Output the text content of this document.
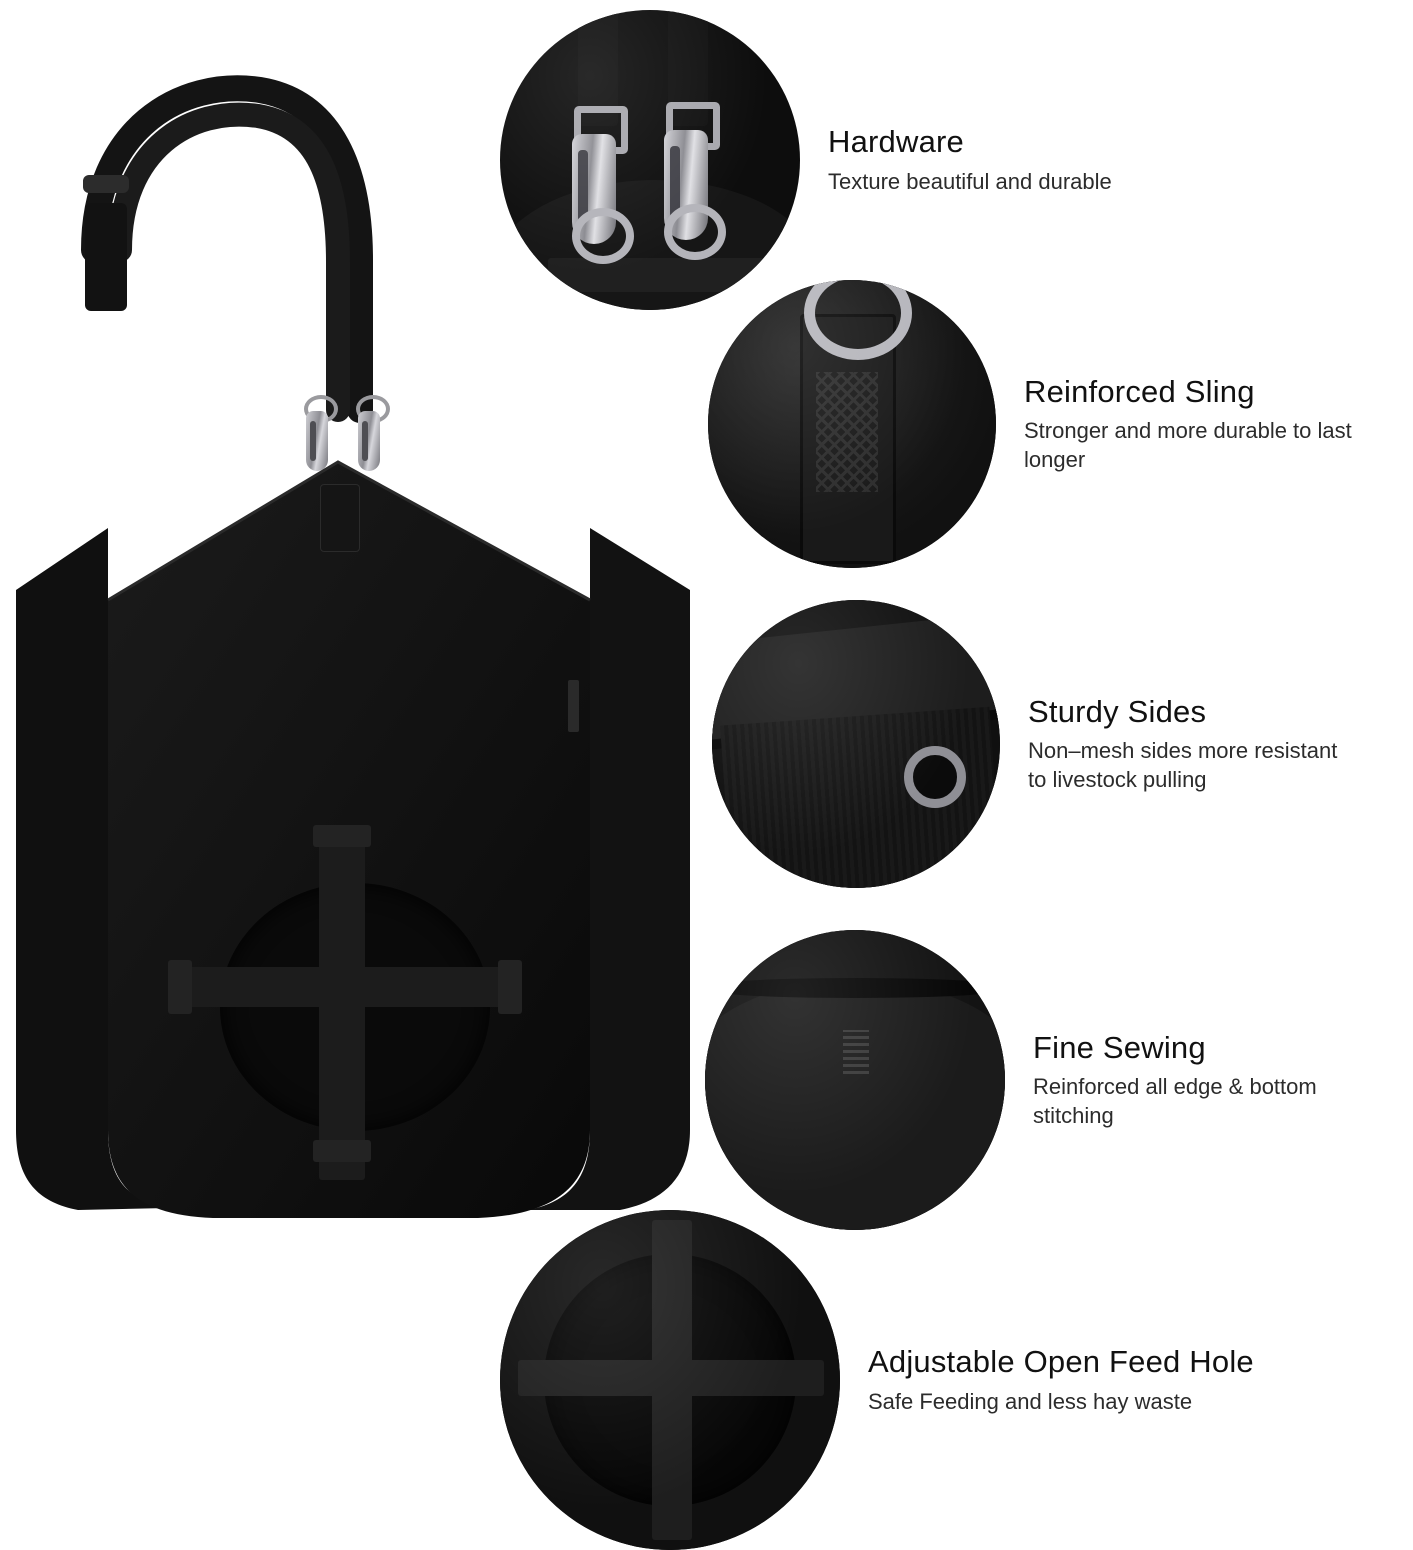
Hardware

Texture beautiful and durable

Reinforced Sling

Stronger and more durable to last longer

Sturdy Sides

Non–mesh sides more resistant to livestock pulling

Fine Sewing

Reinforced all edge & bottom stitching

Adjustable Open Feed Hole

Safe Feeding and less hay waste
